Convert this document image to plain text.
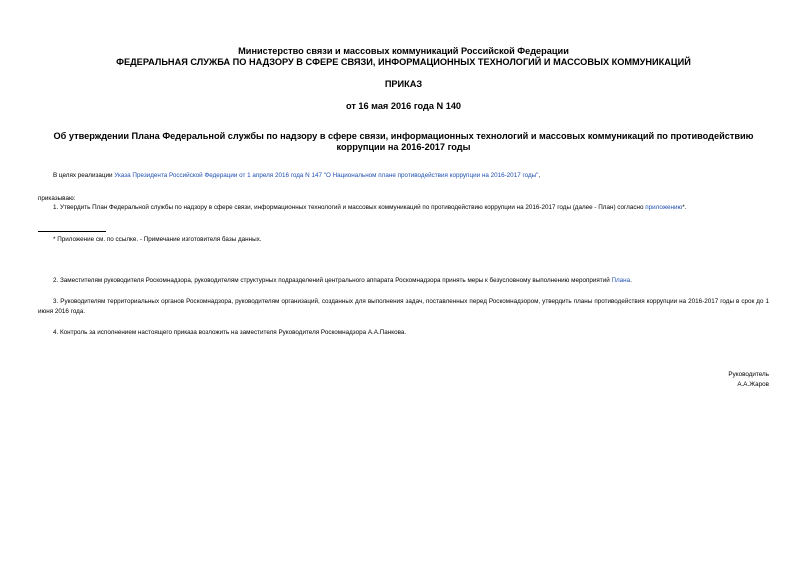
Министерство связи и массовых коммуникаций Российской Федерации
ФЕДЕРАЛЬНАЯ СЛУЖБА ПО НАДЗОРУ В СФЕРЕ СВЯЗИ, ИНФОРМАЦИОННЫХ ТЕХНОЛОГИЙ И МАССОВЫХ КОММУНИКАЦИЙ
ПРИКАЗ
от 16 мая 2016 года N 140
Об утверждении Плана Федеральной службы по надзору в сфере связи, информационных технологий и массовых коммуникаций по противодействию коррупции на 2016-2017 годы
В целях реализации Указа Президента Российской Федерации от 1 апреля 2016 года N 147 "О Национальном плане противодействия коррупции на 2016-2017 годы",
приказываю:
1. Утвердить План Федеральной службы по надзору в сфере связи, информационных технологий и массовых коммуникаций по противодействию коррупции на 2016-2017 годы (далее - План) согласно приложению*.
* Приложение см. по ссылке. - Примечание изготовителя базы данных.
2. Заместителям руководителя Роскомнадзора, руководителям структурных подразделений центрального аппарата Роскомнадзора принять меры к безусловному выполнению мероприятий Плана.
3. Руководителям территориальных органов Роскомнадзора, руководителям организаций, созданных для выполнения задач, поставленных перед Роскомнадзором, утвердить планы противодействия коррупции на 2016-2017 годы в срок до 1 июня 2016 года.
4. Контроль за исполнением настоящего приказа возложить на заместителя Руководителя Роскомнадзора А.А.Панкова.
Руководитель
А.А.Жаров
